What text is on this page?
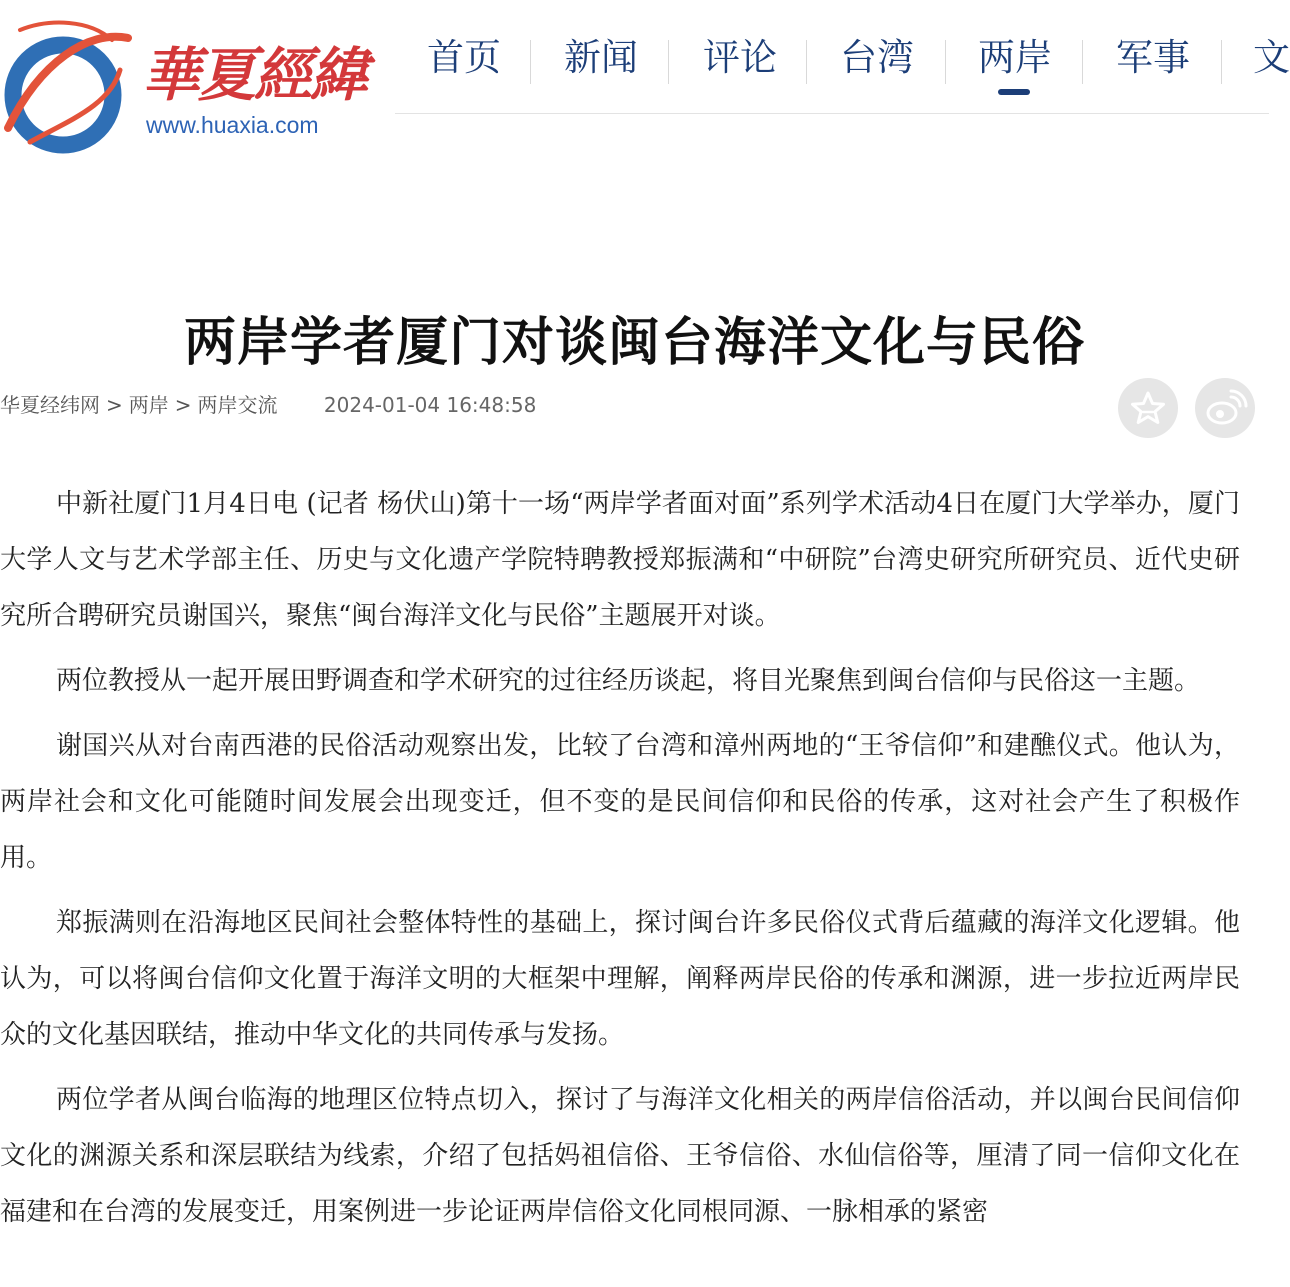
華夏經緯
www.huaxia.com
首页 新闻 评论 台湾 两岸 军事 文
两岸学者厦门对谈闽台海洋文化与民俗
华夏经纬网 > 两岸 > 两岸交流 2024-01-04 16:48:58

中新社厦门1月4日电 (记者 杨伏山)第十一场“两岸学者面对面”系列学术活动4日在厦门大学举办，厦门大学人文与艺术学部主任、历史与文化遗产学院特聘教授郑振满和“中研院”台湾史研究所研究员、近代史研究所合聘研究员谢国兴，聚焦“闽台海洋文化与民俗”主题展开对谈。

两位教授从一起开展田野调查和学术研究的过往经历谈起，将目光聚焦到闽台信仰与民俗这一主题。

谢国兴从对台南西港的民俗活动观察出发，比较了台湾和漳州两地的“王爷信仰”和建醮仪式。他认为，两岸社会和文化可能随时间发展会出现变迁，但不变的是民间信仰和民俗的传承，这对社会产生了积极作用。

郑振满则在沿海地区民间社会整体特性的基础上，探讨闽台许多民俗仪式背后蕴藏的海洋文化逻辑。他认为，可以将闽台信仰文化置于海洋文明的大框架中理解，阐释两岸民俗的传承和渊源，进一步拉近两岸民众的文化基因联结，推动中华文化的共同传承与发扬。

两位学者从闽台临海的地理区位特点切入，探讨了与海洋文化相关的两岸信俗活动，并以闽台民间信仰文化的渊源关系和深层联结为线索，介绍了包括妈祖信俗、王爷信俗、水仙信俗等，厘清了同一信仰文化在福建和在台湾的发展变迁，用案例进一步论证两岸信俗文化同根同源、一脉相承的紧密
